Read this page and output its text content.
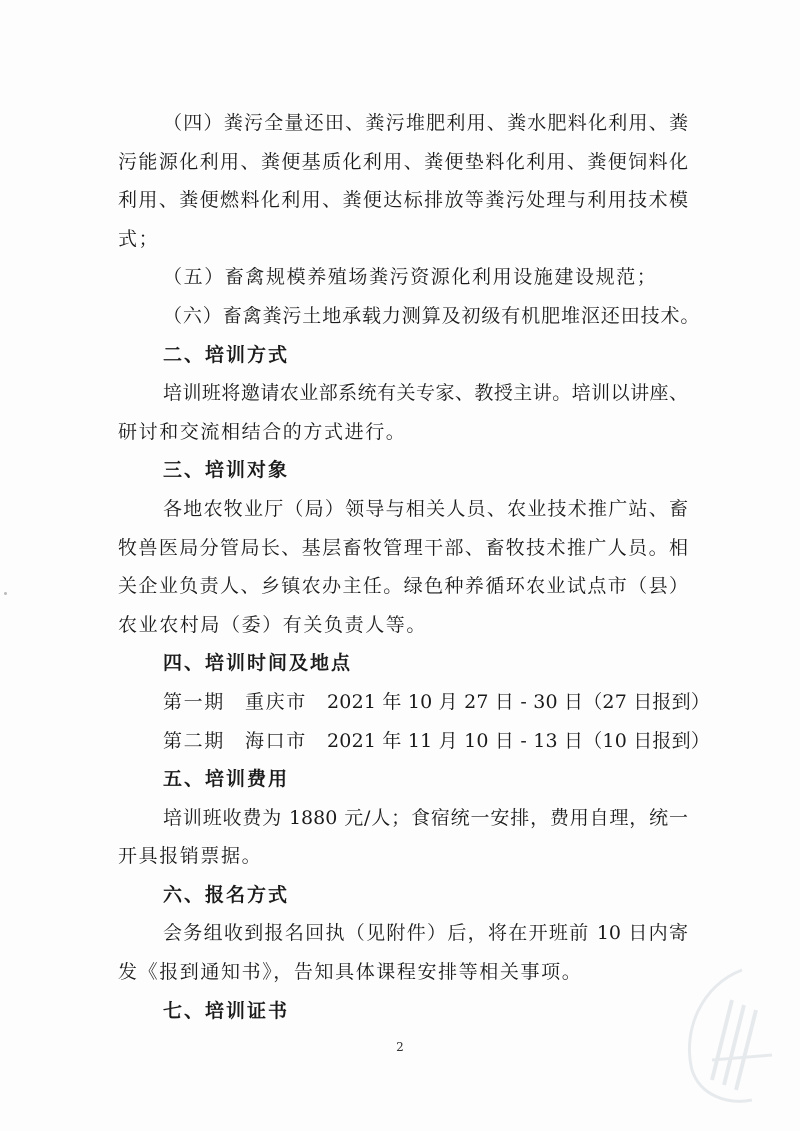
（四）粪污全量还田、粪污堆肥利用、粪水肥料化利用、粪
污能源化利用、粪便基质化利用、粪便垫料化利用、粪便饲料化
利用、粪便燃料化利用、粪便达标排放等粪污处理与利用技术模
式；
（五）畜禽规模养殖场粪污资源化利用设施建设规范；
（六）畜禽粪污土地承载力测算及初级有机肥堆沤还田技术。
二、培训方式
培训班将邀请农业部系统有关专家、教授主讲。培训以讲座、
研讨和交流相结合的方式进行。
三、培训对象
各地农牧业厅（局）领导与相关人员、农业技术推广站、畜
牧兽医局分管局长、基层畜牧管理干部、畜牧技术推广人员。相
关企业负责人、乡镇农办主任。绿色种养循环农业试点市（县）
农业农村局（委）有关负责人等。
四、培训时间及地点
第一期 重庆市 2021 年 10 月 27 日 - 30 日（27 日报到）
第二期 海口市 2021 年 11 月 10 日 - 13 日（10 日报到）
五、培训费用
培训班收费为 1880 元/人；食宿统一安排，费用自理，统一
开具报销票据。
六、报名方式
会务组收到报名回执（见附件）后，将在开班前 10 日内寄
发《报到通知书》，告知具体课程安排等相关事项。
七、培训证书
2
